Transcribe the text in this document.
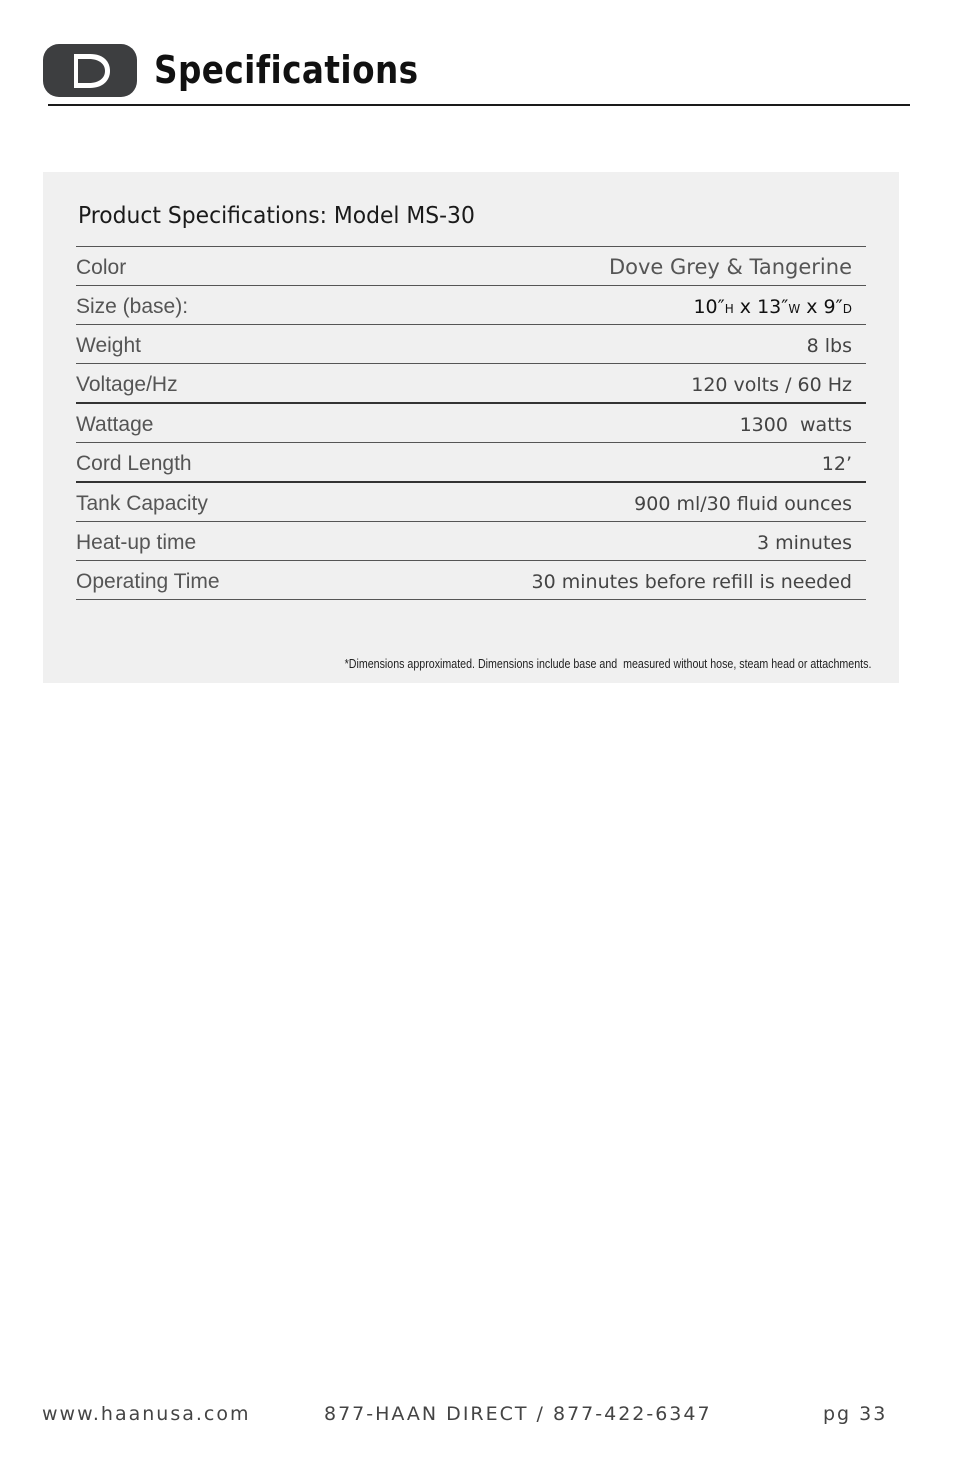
Specifications
Product Specifications: Model MS-30
Color	Dove Grey & Tangerine
Size (base):	10″H x 13″W x 9″D
Weight	8 lbs
Voltage/Hz	120 volts / 60 Hz
Wattage	1300  watts
Cord Length	12’
Tank Capacity	900 ml/30 fluid ounces
Heat-up time	3 minutes
Operating Time	30 minutes before refill is needed
*Dimensions approximated. Dimensions include base and  measured without hose, steam head or attachments.
www.haanusa.com	877-HAAN DIRECT / 877-422-6347	pg 33
